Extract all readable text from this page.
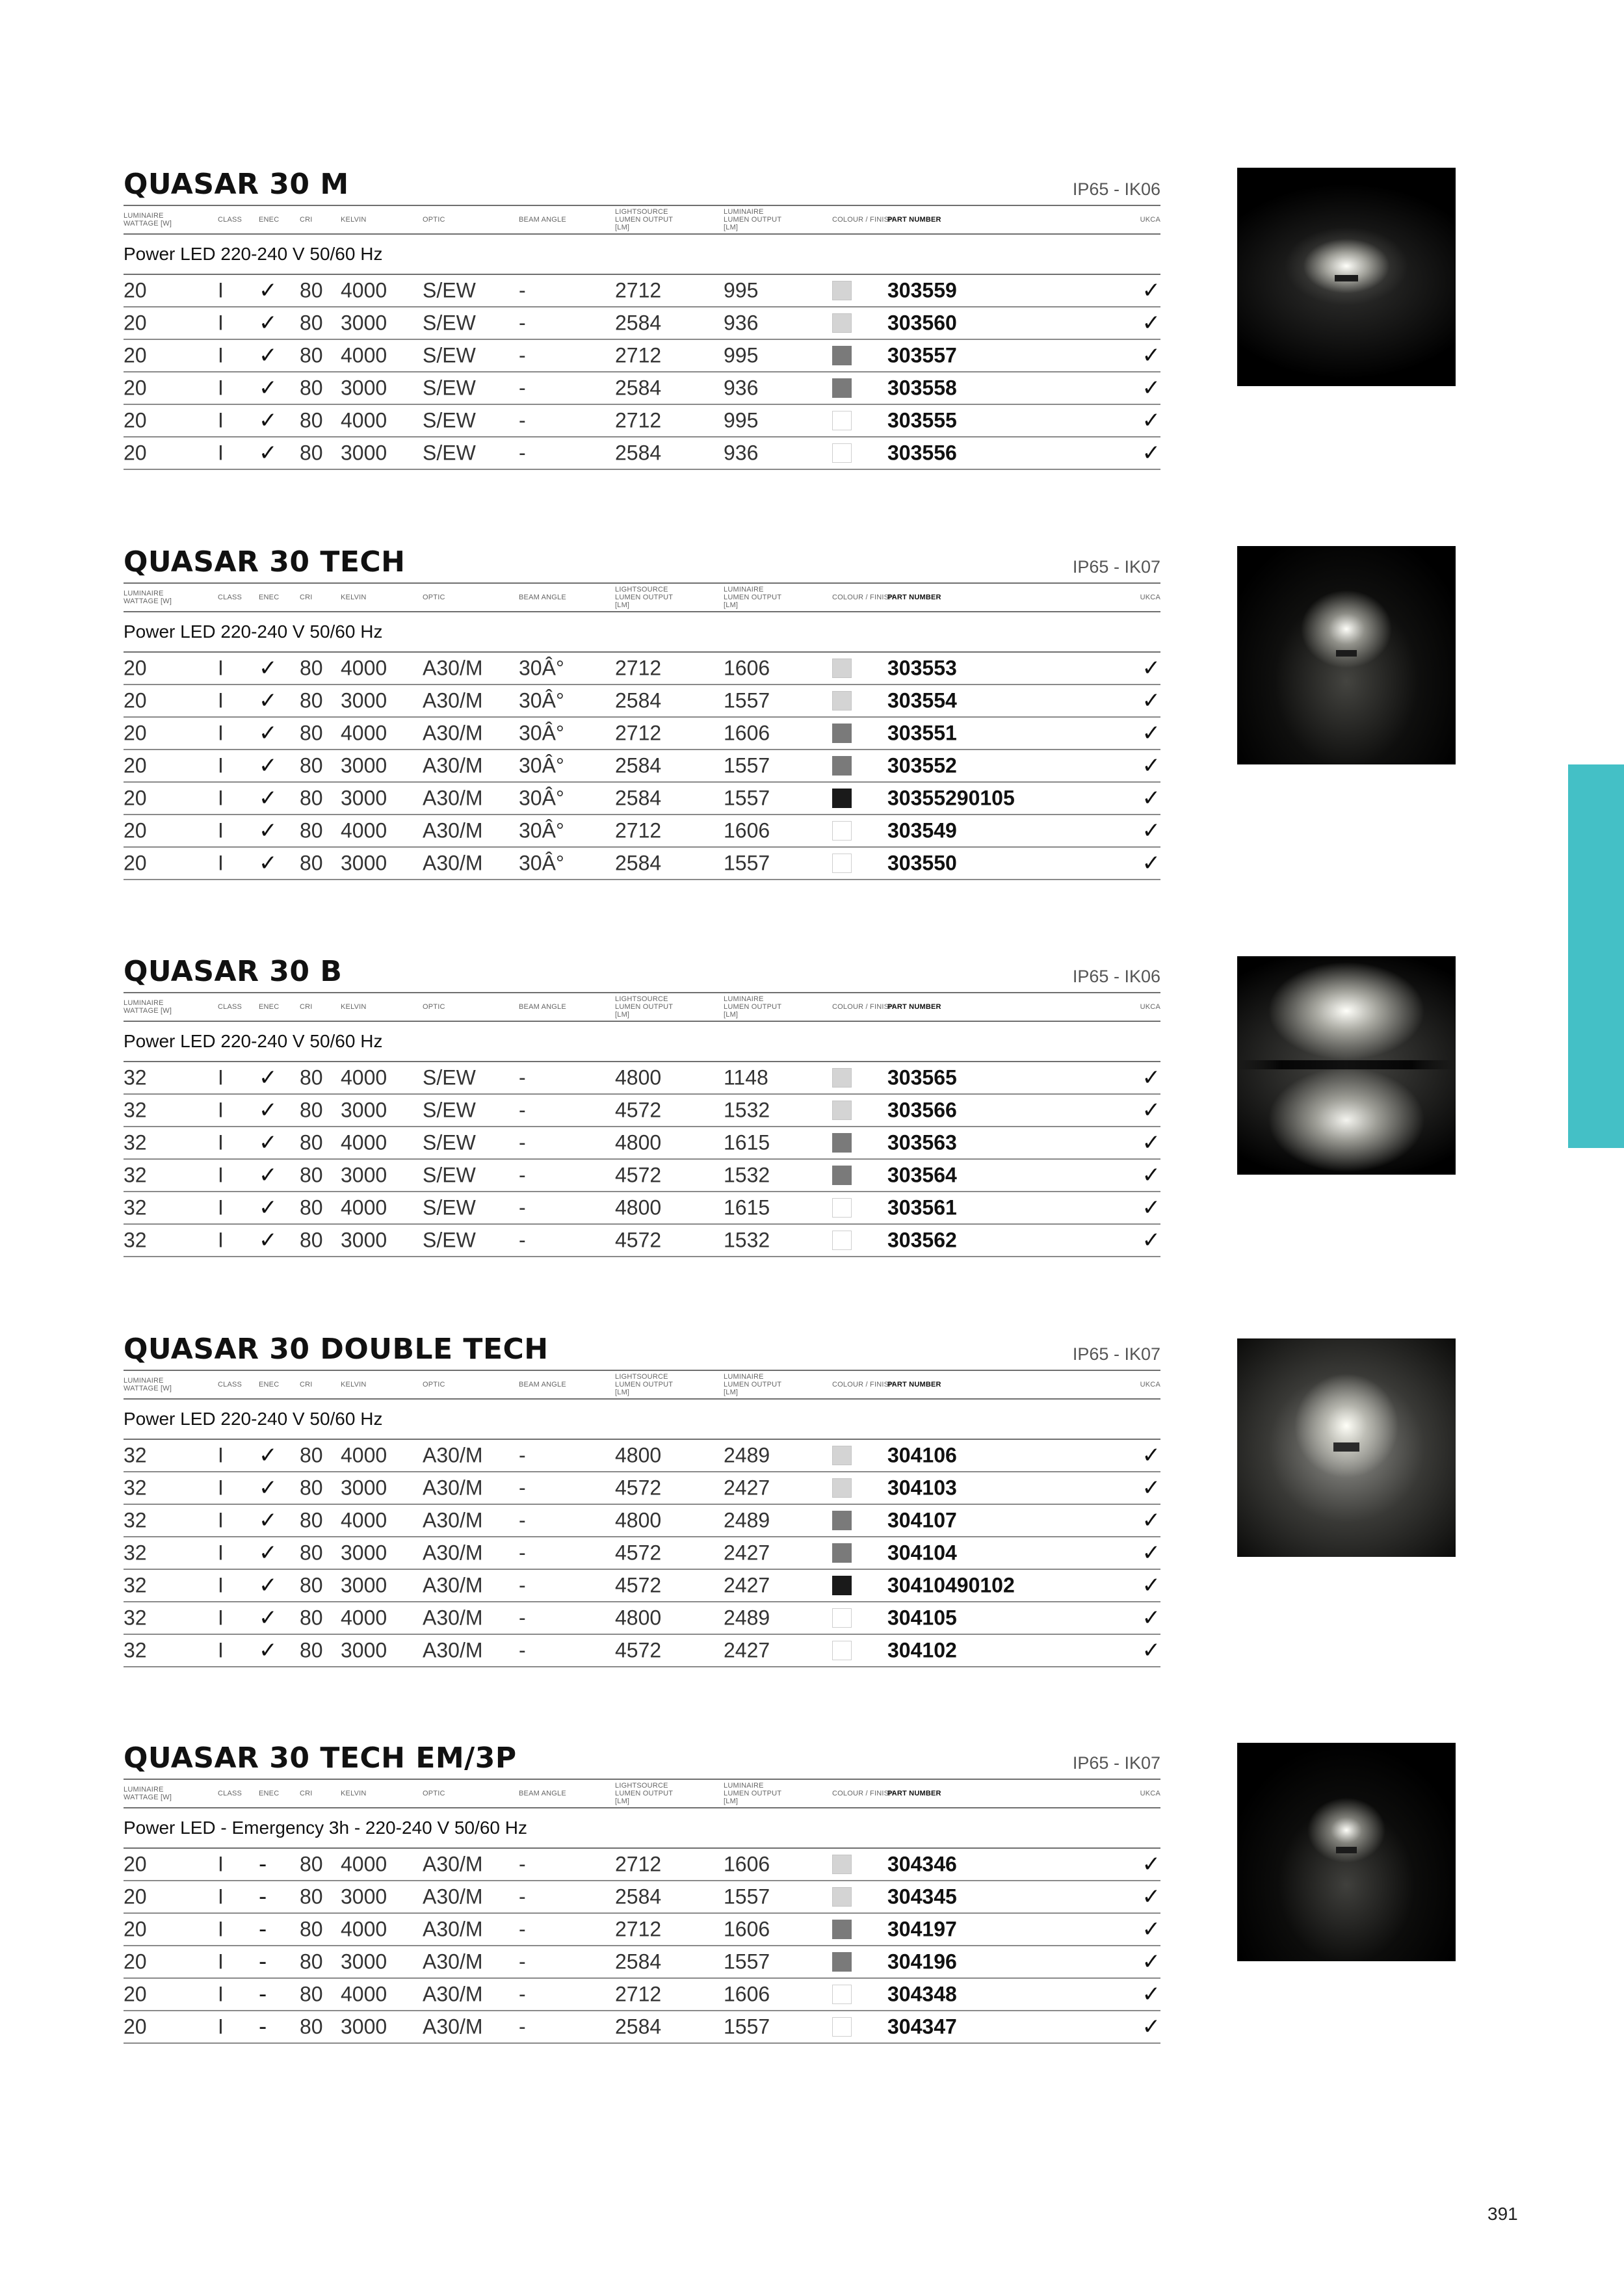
QUASAR 30 M	IP65 - IK06
LUMINAIRE WATTAGE [W]	CLASS ENEC	CRI	KELVIN	OPTIC	BEAM ANGLE
LIGHTSOURCE LUMEN OUTPUT [LM]
LUMINAIRE LUMEN OUTPUT [LM]
COLOUR / FINISH
PART NUMBER	UKCA
Power LED 220-240 V 50/60 Hz
20	I ✓ 80 4000 S/EW -	2712	995	303559	✓
20	I ✓ 80 3000 S/EW -	2584	936	303560	✓
20	I ✓ 80 4000 S/EW -	2712	995	303557	✓
20	I ✓ 80 3000 S/EW -	2584	936	303558	✓
20	I ✓ 80 4000 S/EW -	2712	995	303555	✓
20	I ✓ 80 3000 S/EW -	2584	936	303556	✓
QUASAR 30 TECH	IP65 - IK07
LUMINAIRE WATTAGE [W]	CLASS ENEC	CRI	KELVIN	OPTIC	BEAM ANGLE
LIGHTSOURCE LUMEN OUTPUT [LM]
LUMINAIRE LUMEN OUTPUT [LM]
COLOUR / FINISH
PART NUMBER	UKCA
Power LED 220-240 V 50/60 Hz
20	I ✓ 80 4000 A30/M 30Â° 2712	1606	303553	✓
20	I ✓ 80 3000 A30/M 30Â° 2584	1557	303554	✓
20	I ✓ 80 4000 A30/M 30Â° 2712	1606	303551	✓
20	I ✓ 80 3000 A30/M 30Â° 2584	1557	303552	✓
20	I ✓ 80 3000 A30/M 30Â° 2584	1557	30355290105	✓
20	I ✓ 80 4000 A30/M 30Â° 2712	1606	303549	✓
20	I ✓ 80 3000 A30/M 30Â° 2584	1557	303550	✓
QUASAR 30 B	IP65 - IK06
LUMINAIRE WATTAGE [W]	CLASS ENEC	CRI	KELVIN	OPTIC	BEAM ANGLE
LIGHTSOURCE LUMEN OUTPUT [LM]
LUMINAIRE LUMEN OUTPUT [LM]
COLOUR / FINISH
PART NUMBER	UKCA
Power LED 220-240 V 50/60 Hz
32	I ✓ 80 4000 S/EW -	4800	1148	303565	✓
32	I ✓ 80 3000 S/EW -	4572	1532	303566	✓
32	I ✓ 80 4000 S/EW -	4800	1615	303563	✓
32	I ✓ 80 3000 S/EW -	4572	1532	303564	✓
32	I ✓ 80 4000 S/EW -	4800	1615	303561	✓
32	I ✓ 80 3000 S/EW -	4572	1532	303562	✓
QUASAR 30 DOUBLE TECH	IP65 - IK07
LUMINAIRE WATTAGE [W]	CLASS ENEC	CRI	KELVIN	OPTIC	BEAM ANGLE
LIGHTSOURCE LUMEN OUTPUT [LM]
LUMINAIRE LUMEN OUTPUT [LM]
COLOUR / FINISH
PART NUMBER	UKCA
Power LED 220-240 V 50/60 Hz
32	I ✓ 80 4000 A30/M -	4800	2489	304106	✓
32	I ✓ 80 3000 A30/M -	4572	2427	304103	✓
32	I ✓ 80 4000 A30/M -	4800	2489	304107	✓
32	I ✓ 80 3000 A30/M -	4572	2427	304104	✓
32	I ✓ 80 3000 A30/M -	4572	2427	30410490102	✓
32	I ✓ 80 4000 A30/M -	4800	2489	304105	✓
32	I ✓ 80 3000 A30/M -	4572	2427	304102	✓
QUASAR 30 TECH EM/3P	IP65 - IK07
LUMINAIRE WATTAGE [W]	CLASS ENEC	CRI	KELVIN	OPTIC	BEAM ANGLE
LIGHTSOURCE LUMEN OUTPUT [LM]
LUMINAIRE LUMEN OUTPUT [LM]
COLOUR / FINISH
PART NUMBER	UKCA
Power LED - Emergency 3h - 220-240 V 50/60 Hz
20	I - 80 4000 A30/M -	2712	1606	304346	✓
20	I - 80 3000 A30/M -	2584	1557	304345	✓
20	I - 80 4000 A30/M -	2712	1606	304197	✓
20	I - 80 3000 A30/M -	2584	1557	304196	✓
20	I - 80 4000 A30/M -	2712	1606	304348	✓
20	I - 80 3000 A30/M -	2584	1557	304347	✓
391
